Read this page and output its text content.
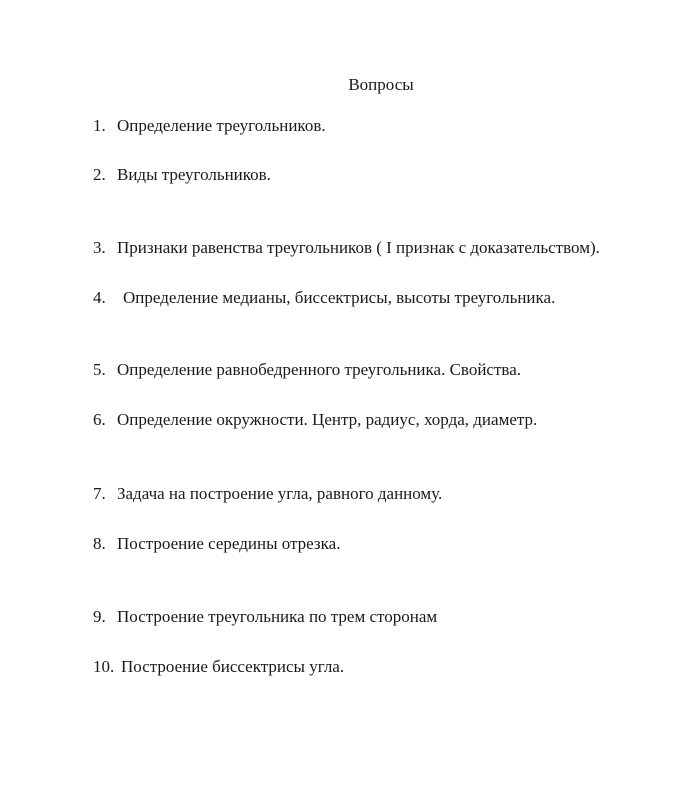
Вопросы
1. Определение треугольников.
2. Виды треугольников.
3. Признаки равенства треугольников ( I признак с доказательством).
4. Определение медианы, биссектрисы, высоты треугольника.
5. Определение равнобедренного треугольника. Свойства.
6. Определение окружности. Центр, радиус, хорда, диаметр.
7. Задача на построение угла, равного данному.
8. Построение середины отрезка.
9. Построение треугольника по трем сторонам
10. Построение биссектрисы угла.
